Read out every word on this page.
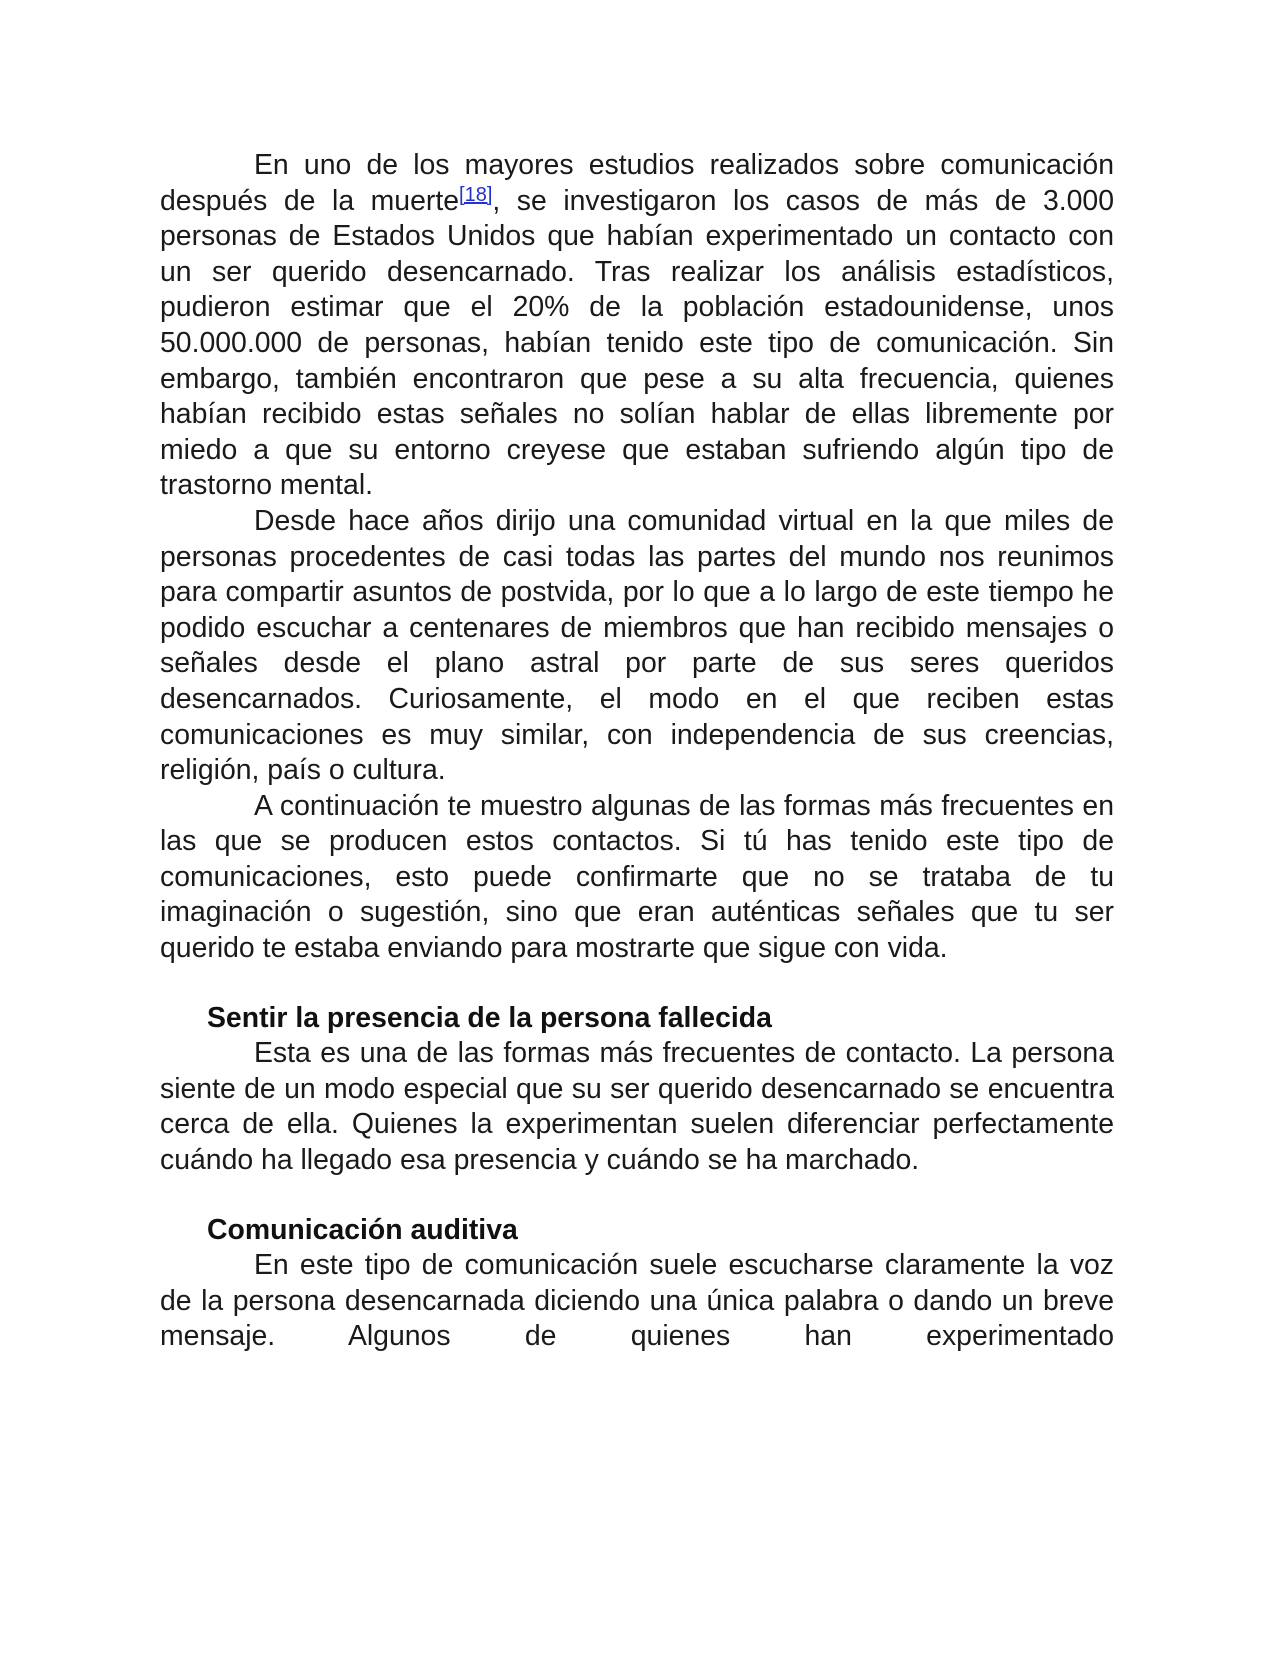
En uno de los mayores estudios realizados sobre comunicación después de la muerte[18], se investigaron los casos de más de 3.000 personas de Estados Unidos que habían experimentado un contacto con un ser querido desencarnado. Tras realizar los análisis estadísticos, pudieron estimar que el 20% de la población estadounidense, unos 50.000.000 de personas, habían tenido este tipo de comunicación. Sin embargo, también encontraron que pese a su alta frecuencia, quienes habían recibido estas señales no solían hablar de ellas libremente por miedo a que su entorno creyese que estaban sufriendo algún tipo de trastorno mental.

Desde hace años dirijo una comunidad virtual en la que miles de personas procedentes de casi todas las partes del mundo nos reunimos para compartir asuntos de postvida, por lo que a lo largo de este tiempo he podido escuchar a centenares de miembros que han recibido mensajes o señales desde el plano astral por parte de sus seres queridos desencarnados. Curiosamente, el modo en el que reciben estas comunicaciones es muy similar, con independencia de sus creencias, religión, país o cultura.

A continuación te muestro algunas de las formas más frecuentes en las que se producen estos contactos. Si tú has tenido este tipo de comunicaciones, esto puede confirmarte que no se trataba de tu imaginación o sugestión, sino que eran auténticas señales que tu ser querido te estaba enviando para mostrarte que sigue con vida.

Sentir la presencia de la persona fallecida

Esta es una de las formas más frecuentes de contacto. La persona siente de un modo especial que su ser querido desencarnado se encuentra cerca de ella. Quienes la experimentan suelen diferenciar perfectamente cuándo ha llegado esa presencia y cuándo se ha marchado.

Comunicación auditiva

En este tipo de comunicación suele escucharse claramente la voz de la persona desencarnada diciendo una única palabra o dando un breve mensaje. Algunos de quienes han experimentado
